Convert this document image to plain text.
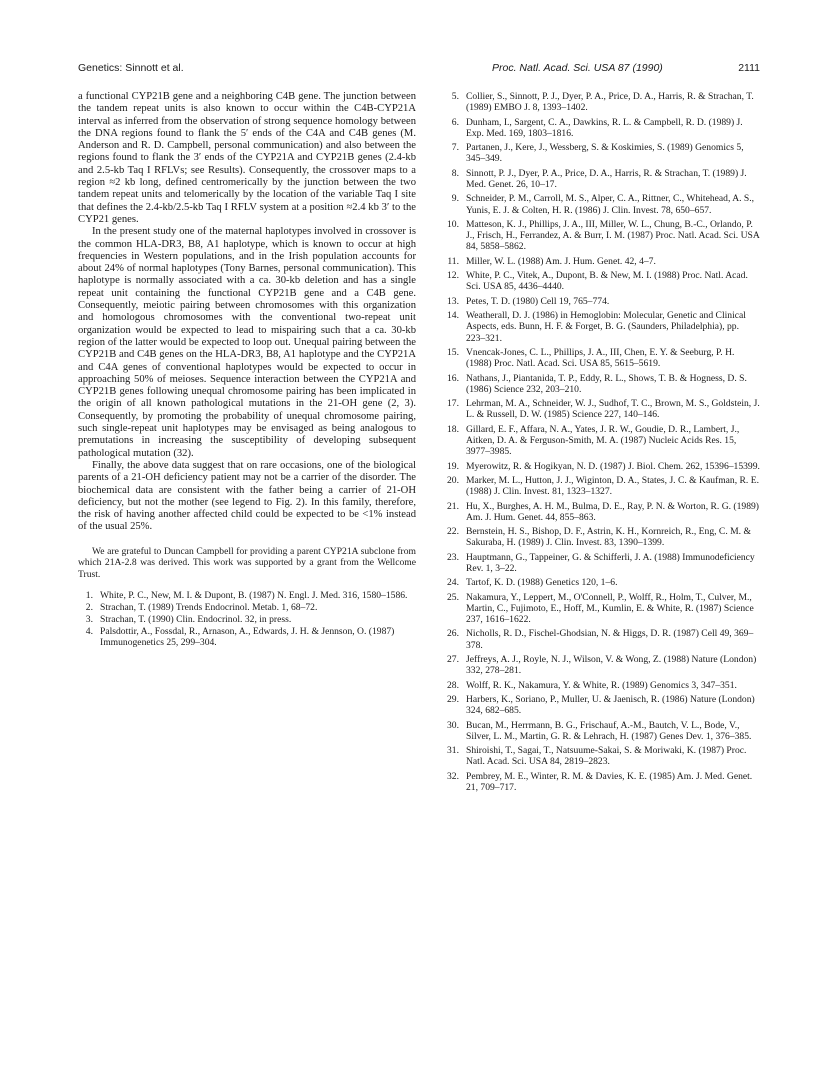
Genetics: Sinnott et al.	Proc. Natl. Acad. Sci. USA 87 (1990)	2111

a functional CYP21B gene and a neighboring C4B gene. The junction between the tandem repeat units is also known to occur within the C4B-CYP21A interval as inferred from the observation of strong sequence homology between the DNA regions found to flank the 5′ ends of the C4A and C4B genes (M. Anderson and R. D. Campbell, personal communication) and also between the regions found to flank the 3′ ends of the CYP21A and CYP21B genes (2.4-kb and 2.5-kb Taq I RFLVs; see Results). Consequently, the crossover maps to a region ≈2 kb long, defined centromerically by the junction between the two tandem repeat units and telomerically by the location of the variable Taq I site that defines the 2.4-kb/2.5-kb Taq I RFLV system at a position ≈2.4 kb 3′ to the CYP21 genes.

In the present study one of the maternal haplotypes involved in crossover is the common HLA-DR3, B8, A1 haplotype, which is known to occur at high frequencies in Western populations, and in the Irish population accounts for about 24% of normal haplotypes (Tony Barnes, personal communication). This haplotype is normally associated with a ca. 30-kb deletion and has a single repeat unit containing the functional CYP21B gene and a C4B gene. Consequently, meiotic pairing between chromosomes with this organization and homologous chromosomes with the conventional two-repeat unit organization would be expected to lead to mispairing such that a ca. 30-kb region of the latter would be expected to loop out. Unequal pairing between the CYP21B and C4B genes on the HLA-DR3, B8, A1 haplotype and the CYP21A and C4A genes of conventional haplotypes would be expected to occur in approaching 50% of meioses. Sequence interaction between the CYP21A and CYP21B genes following unequal chromosome pairing has been implicated in the origin of all known pathological mutations in the 21-OH gene (2, 3). Consequently, by promoting the probability of unequal chromosome pairing, such single-repeat unit haplotypes may be envisaged as being analogous to premutations in increasing the susceptibility of developing subsequent pathological mutation (32).

Finally, the above data suggest that on rare occasions, one of the biological parents of a 21-OH deficiency patient may not be a carrier of the disorder. The biochemical data are consistent with the father being a carrier of 21-OH deficiency, but not the mother (see legend to Fig. 2). In this family, therefore, the risk of having another affected child could be expected to be <1% instead of the usual 25%.

We are grateful to Duncan Campbell for providing a parent CYP21A subclone from which 21A-2.8 was derived. This work was supported by a grant from the Wellcome Trust.

1. White, P. C., New, M. I. & Dupont, B. (1987) N. Engl. J. Med. 316, 1580–1586.
2. Strachan, T. (1989) Trends Endocrinol. Metab. 1, 68–72.
3. Strachan, T. (1990) Clin. Endocrinol. 32, in press.
4. Palsdottir, A., Fossdal, R., Arnason, A., Edwards, J. H. & Jennson, O. (1987) Immunogenetics 25, 299–304.
5. Collier, S., Sinnott, P. J., Dyer, P. A., Price, D. A., Harris, R. & Strachan, T. (1989) EMBO J. 8, 1393–1402.
6. Dunham, I., Sargent, C. A., Dawkins, R. L. & Campbell, R. D. (1989) J. Exp. Med. 169, 1803–1816.
7. Partanen, J., Kere, J., Wessberg, S. & Koskimies, S. (1989) Genomics 5, 345–349.
8. Sinnott, P. J., Dyer, P. A., Price, D. A., Harris, R. & Strachan, T. (1989) J. Med. Genet. 26, 10–17.
9. Schneider, P. M., Carroll, M. S., Alper, C. A., Rittner, C., Whitehead, A. S., Yunis, E. J. & Colten, H. R. (1986) J. Clin. Invest. 78, 650–657.
10. Matteson, K. J., Phillips, J. A., III, Miller, W. L., Chung, B.-C., Orlando, P. J., Frisch, H., Ferrandez, A. & Burr, I. M. (1987) Proc. Natl. Acad. Sci. USA 84, 5858–5862.
11. Miller, W. L. (1988) Am. J. Hum. Genet. 42, 4–7.
12. White, P. C., Vitek, A., Dupont, B. & New, M. I. (1988) Proc. Natl. Acad. Sci. USA 85, 4436–4440.
13. Petes, T. D. (1980) Cell 19, 765–774.
14. Weatherall, D. J. (1986) in Hemoglobin: Molecular, Genetic and Clinical Aspects, eds. Bunn, H. F. & Forget, B. G. (Saunders, Philadelphia), pp. 223–321.
15. Vnencak-Jones, C. L., Phillips, J. A., III, Chen, E. Y. & Seeburg, P. H. (1988) Proc. Natl. Acad. Sci. USA 85, 5615–5619.
16. Nathans, J., Piantanida, T. P., Eddy, R. L., Shows, T. B. & Hogness, D. S. (1986) Science 232, 203–210.
17. Lehrman, M. A., Schneider, W. J., Sudhof, T. C., Brown, M. S., Goldstein, J. L. & Russell, D. W. (1985) Science 227, 140–146.
18. Gillard, E. F., Affara, N. A., Yates, J. R. W., Goudie, D. R., Lambert, J., Aitken, D. A. & Ferguson-Smith, M. A. (1987) Nucleic Acids Res. 15, 3977–3985.
19. Myerowitz, R. & Hogikyan, N. D. (1987) J. Biol. Chem. 262, 15396–15399.
20. Marker, M. L., Hutton, J. J., Wiginton, D. A., States, J. C. & Kaufman, R. E. (1988) J. Clin. Invest. 81, 1323–1327.
21. Hu, X., Burghes, A. H. M., Bulma, D. E., Ray, P. N. & Worton, R. G. (1989) Am. J. Hum. Genet. 44, 855–863.
22. Bernstein, H. S., Bishop, D. F., Astrin, K. H., Kornreich, R., Eng, C. M. & Sakuraba, H. (1989) J. Clin. Invest. 83, 1390–1399.
23. Hauptmann, G., Tappeiner, G. & Schifferli, J. A. (1988) Immunodeficiency Rev. 1, 3–22.
24. Tartof, K. D. (1988) Genetics 120, 1–6.
25. Nakamura, Y., Leppert, M., O'Connell, P., Wolff, R., Holm, T., Culver, M., Martin, C., Fujimoto, E., Hoff, M., Kumlin, E. & White, R. (1987) Science 237, 1616–1622.
26. Nicholls, R. D., Fischel-Ghodsian, N. & Higgs, D. R. (1987) Cell 49, 369–378.
27. Jeffreys, A. J., Royle, N. J., Wilson, V. & Wong, Z. (1988) Nature (London) 332, 278–281.
28. Wolff, R. K., Nakamura, Y. & White, R. (1989) Genomics 3, 347–351.
29. Harbers, K., Soriano, P., Muller, U. & Jaenisch, R. (1986) Nature (London) 324, 682–685.
30. Bucan, M., Herrmann, B. G., Frischauf, A.-M., Bautch, V. L., Bode, V., Silver, L. M., Martin, G. R. & Lehrach, H. (1987) Genes Dev. 1, 376–385.
31. Shiroishi, T., Sagai, T., Natsuume-Sakai, S. & Moriwaki, K. (1987) Proc. Natl. Acad. Sci. USA 84, 2819–2823.
32. Pembrey, M. E., Winter, R. M. & Davies, K. E. (1985) Am. J. Med. Genet. 21, 709–717.
